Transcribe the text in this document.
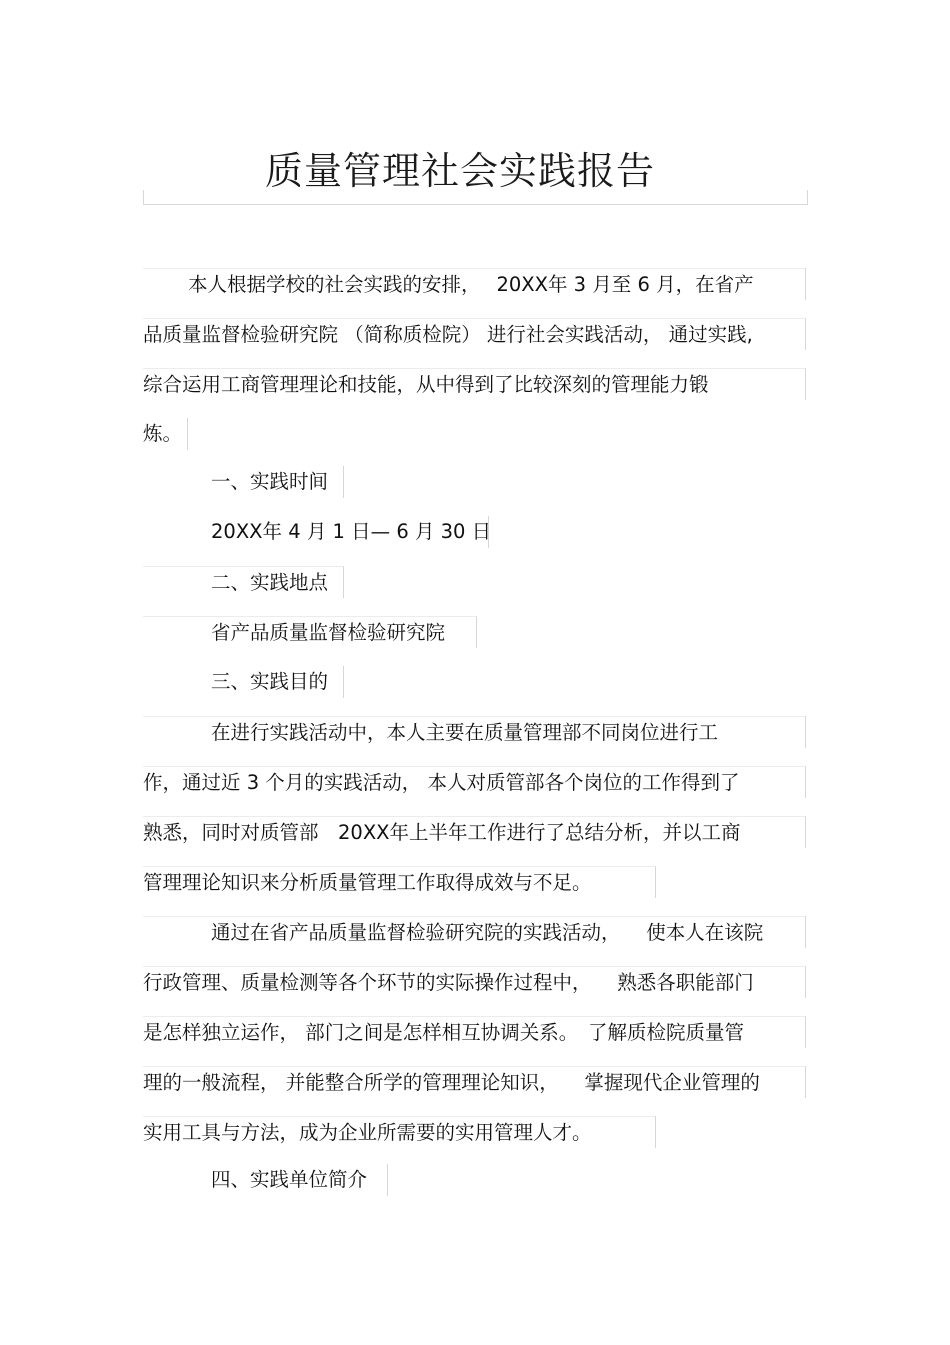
质量管理社会实践报告
本人根据学校的社会实践的安排，　 20XX年 3 月至 6 月，在省产
品质量监督检验研究院 （简称质检院） 进行社会实践活动， 通过实践,
综合运用工商管理理论和技能，从中得到了比较深刻的管理能力锻
炼。
一、实践时间
20XX年 4 月 1 日— 6 月 30 日
二、实践地点
省产品质量监督检验研究院
三、实践目的
在进行实践活动中，本人主要在质量管理部不同岗位进行工
作，通过近 3 个月的实践活动， 本人对质管部各个岗位的工作得到了
熟悉，同时对质管部　20XX年上半年工作进行了总结分析，并以工商
管理理论知识来分析质量管理工作取得成效与不足。
通过在省产品质量监督检验研究院的实践活动， 　使本人在该院
行政管理、质量检测等各个环节的实际操作过程中， 　熟悉各职能部门
是怎样独立运作， 部门之间是怎样相互协调关系。　了解质检院质量管
理的一般流程， 并能整合所学的管理理论知识， 　掌握现代企业管理的
实用工具与方法，成为企业所需要的实用管理人才。
四、实践单位简介
